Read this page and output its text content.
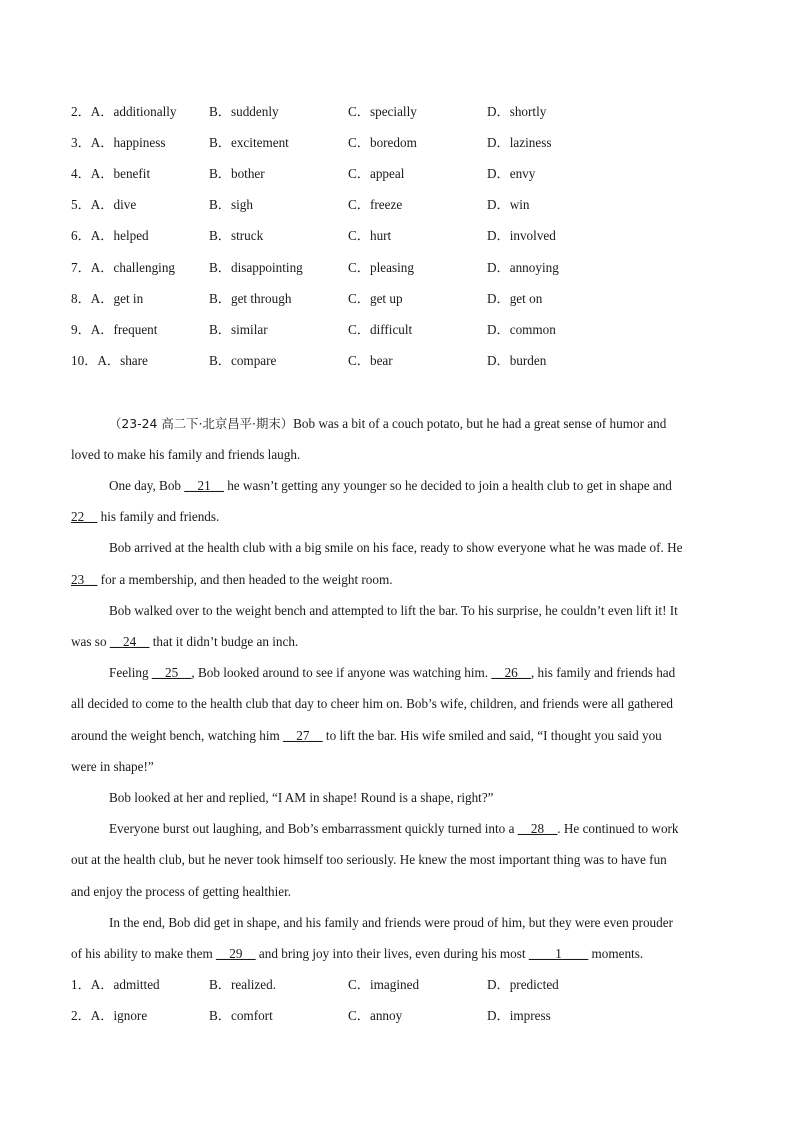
2．A．additionally B．suddenly	C．specially	D．shortly
3．A．happiness	B．excitement	C．boredom	D．laziness
4．A．benefit	B．bother	C．appeal	D．envy
5．A．dive	B．sigh	C．freeze	D．win
6．A．helped	B．struck	C．hurt	D．involved
7．A．challenging	B．disappointing	C．pleasing	D．annoying
8．A．get in	B．get through	C．get up	D．get on
9．A．frequent	B．similar	C．difficult	D．common
10．A．share	B．compare	C．bear	D．burden
（23-24 高二下·北京昌平·期末）Bob was a bit of a couch potato, but he had a great sense of humor and
loved to make his family and friends laugh.
One day, Bob __21__ he wasn’t getting any younger so he decided to join a health club to get in shape and
22__ his family and friends.
Bob arrived at the health club with a big smile on his face, ready to show everyone what he was made of. He
23__ for a membership, and then headed to the weight room.
Bob walked over to the weight bench and attempted to lift the bar. To his surprise, he couldn’t even lift it! It
was so __24__ that it didn’t budge an inch.
Feeling __25__, Bob looked around to see if anyone was watching him. __26__, his family and friends had
all decided to come to the health club that day to cheer him on. Bob’s wife, children, and friends were all gathered
around the weight bench, watching him __27__ to lift the bar. His wife smiled and said, “I thought you said you
were in shape!”
Bob looked at her and replied, “I AM in shape! Round is a shape, right?”
Everyone burst out laughing, and Bob’s embarrassment quickly turned into a __28__. He continued to work
out at the health club, but he never took himself too seriously. He knew the most important thing was to have fun
and enjoy the process of getting healthier.
In the end, Bob did get in shape, and his family and friends were proud of him, but they were even prouder
of his ability to make them __29__ and bring joy into their lives, even during his most ____1____ moments.
1．A．admitted	B．realized.	C．imagined	D．predicted
2．A．ignore	B．comfort	C．annoy	D．impress
